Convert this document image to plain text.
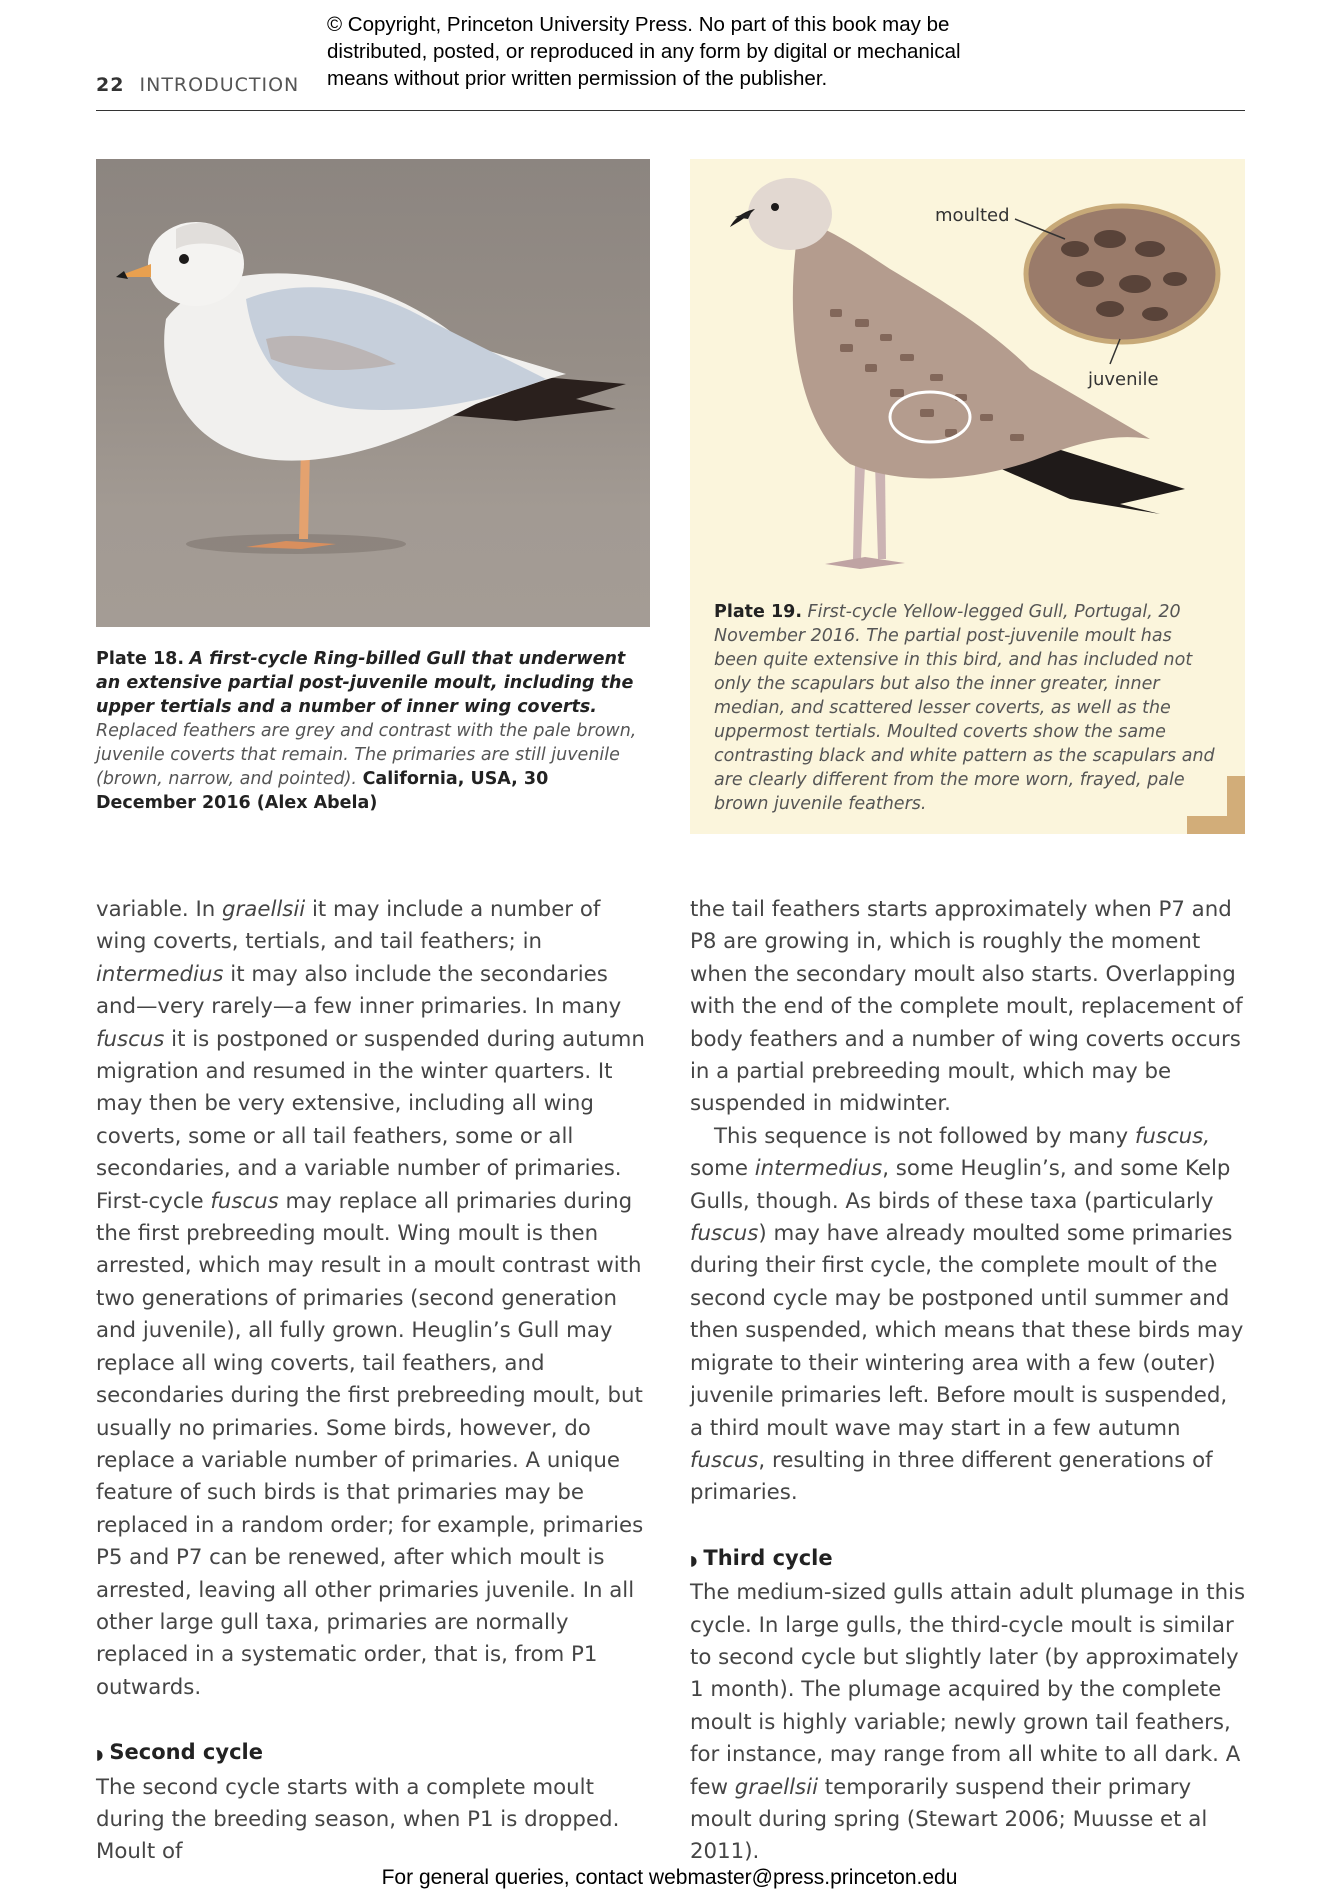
© Copyright, Princeton University Press. No part of this book may be
distributed, posted, or reproduced in any form by digital or mechanical
means without prior written permission of the publisher.
22 INTRODUCTION
moulted
juvenile
Plate 19. First-cycle Yellow-legged Gull, Portugal, 20 November 2016. The partial post-juvenile moult has been quite extensive in this bird, and has included not only the scapulars but also the inner greater, inner median, and scattered lesser coverts, as well as the uppermost tertials. Moulted coverts show the same contrasting black and white pattern as the scapulars and are clearly different from the more worn, frayed, pale brown juvenile feathers.
Plate 18. A first-cycle Ring-billed Gull that underwent an extensive partial post-juvenile moult, including the upper tertials and a number of inner wing coverts. Replaced feathers are grey and contrast with the pale brown, juvenile coverts that remain. The primaries are still juvenile (brown, narrow, and pointed). California, USA, 30 December 2016 (Alex Abela)

variable. In graellsii it may include a number of wing coverts, tertials, and tail feathers; in intermedius it may also include the secondaries and—very rarely—a few inner primaries. In many fuscus it is postponed or suspended during autumn migration and resumed in the winter quarters. It may then be very extensive, including all wing coverts, some or all tail feathers, some or all secondaries, and a variable number of primaries. First-cycle fuscus may replace all primaries during the first prebreeding moult. Wing moult is then arrested, which may result in a moult contrast with two generations of primaries (second generation and juvenile), all fully grown. Heuglin’s Gull may replace all wing coverts, tail feathers, and secondaries during the first prebreeding moult, but usually no primaries. Some birds, however, do replace a variable number of primaries. A unique feature of such birds is that primaries may be replaced in a random order; for example, primaries P5 and P7 can be renewed, after which moult is arrested, leaving all other primaries juvenile. In all other large gull taxa, primaries are normally replaced in a systematic order, that is, from P1 outwards.

◗ Second cycle

The second cycle starts with a complete moult during the breeding season, when P1 is dropped. Moult of

the tail feathers starts approximately when P7 and P8 are growing in, which is roughly the moment when the secondary moult also starts. Overlapping with the end of the complete moult, replacement of body feathers and a number of wing coverts occurs in a partial prebreeding moult, which may be suspended in midwinter.

This sequence is not followed by many fuscus, some intermedius, some Heuglin’s, and some Kelp Gulls, though. As birds of these taxa (particularly fuscus) may have already moulted some primaries during their first cycle, the complete moult of the second cycle may be postponed until summer and then suspended, which means that these birds may migrate to their wintering area with a few (outer) juvenile primaries left. Before moult is suspended, a third moult wave may start in a few autumn fuscus, resulting in three different generations of primaries.

◗ Third cycle

The medium-sized gulls attain adult plumage in this cycle. In large gulls, the third-cycle moult is similar to second cycle but slightly later (by approximately 1 month). The plumage acquired by the complete moult is highly variable; newly grown tail feathers, for instance, may range from all white to all dark. A few graellsii temporarily suspend their primary moult during spring (Stewart 2006; Muusse et al 2011).

For general queries, contact webmaster@press.princeton.edu
